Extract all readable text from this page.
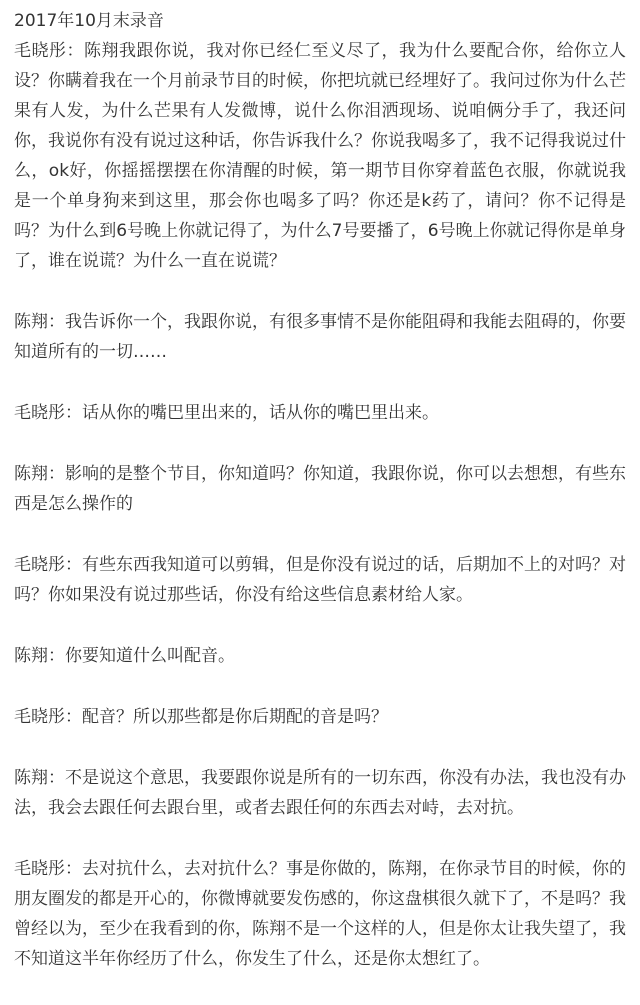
2017年10月末录音

毛晓彤：陈翔我跟你说，我对你已经仁至义尽了，我为什么要配合你，给你立人设？你瞒着我在一个月前录节目的时候，你把坑就已经埋好了。我问过你为什么芒果有人发，为什么芒果有人发微博，说什么你泪洒现场、说咱俩分手了，我还问你，我说你有没有说过这种话，你告诉我什么？你说我喝多了，我不记得我说过什么，ok好，你摇摇摆摆在你清醒的时候，第一期节目你穿着蓝色衣服，你就说我是一个单身狗来到这里，那会你也喝多了吗？你还是k药了，请问？你不记得是吗？为什么到6号晚上你就记得了，为什么7号要播了，6号晚上你就记得你是单身了，谁在说谎？为什么一直在说谎？

陈翔：我告诉你一个，我跟你说，有很多事情不是你能阻碍和我能去阻碍的，你要知道所有的一切……

毛晓彤：话从你的嘴巴里出来的，话从你的嘴巴里出来。

陈翔：影响的是整个节目，你知道吗？你知道，我跟你说，你可以去想想，有些东西是怎么操作的

毛晓彤：有些东西我知道可以剪辑，但是你没有说过的话，后期加不上的对吗？对吗？你如果没有说过那些话，你没有给这些信息素材给人家。

陈翔：你要知道什么叫配音。

毛晓彤：配音？所以那些都是你后期配的音是吗？

陈翔：不是说这个意思，我要跟你说是所有的一切东西，你没有办法，我也没有办法，我会去跟任何去跟台里，或者去跟任何的东西去对峙，去对抗。

毛晓彤：去对抗什么，去对抗什么？事是你做的，陈翔，在你录节目的时候，你的朋友圈发的都是开心的，你微博就要发伤感的，你这盘棋很久就下了，不是吗？我曾经以为，至少在我看到的你，陈翔不是一个这样的人，但是你太让我失望了，我不知道这半年你经历了什么，你发生了什么，还是你太想红了。
